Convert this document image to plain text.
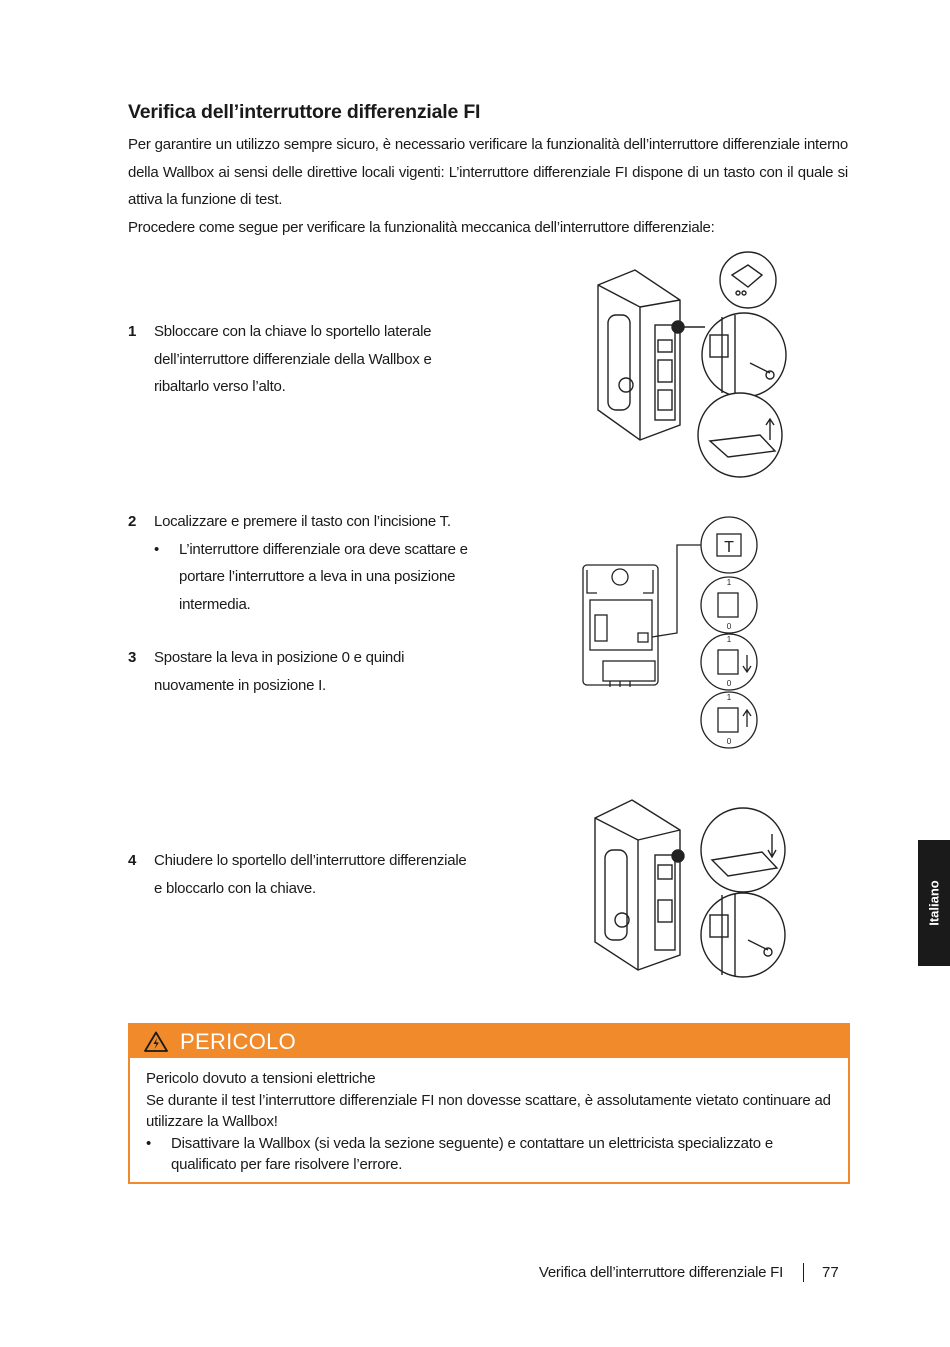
Verifica dell’interruttore differenziale FI

Per garantire un utilizzo sempre sicuro, è necessario verificare la funzionalità dell’interruttore differenziale interno della Wallbox ai sensi delle direttive locali vigenti: L’interruttore differenziale FI dispone di un tasto con il quale si attiva la funzione di test.

Procedere come segue per verificare la funzionalità meccanica dell’interruttore differenziale:

1 Sbloccare con la chiave lo sportello laterale dell’interruttore differenziale della Wallbox e ribaltarlo verso l’alto.
2 Localizzare e premere il tasto con l’incisione T.
• L’interruttore differenziale ora deve scattare e portare l’interruttore a leva in una posizione intermedia.
3 Spostare la leva in posizione 0 e quindi nuovamente in posizione I.
4 Chiudere lo sportello dell’interruttore differenziale e bloccarlo con la chiave.
T
1
0
1
0
1
0
PERICOLO
Pericolo dovuto a tensioni elettriche
Se durante il test l’interruttore differenziale FI non dovesse scattare, è assolutamente vietato continuare ad utilizzare la Wallbox!
• Disattivare la Wallbox (si veda la sezione seguente) e contattare un elettricista specializzato e qualificato per fare risolvere l’errore.
Italiano
Verifica dell’interruttore differenziale FI	77
